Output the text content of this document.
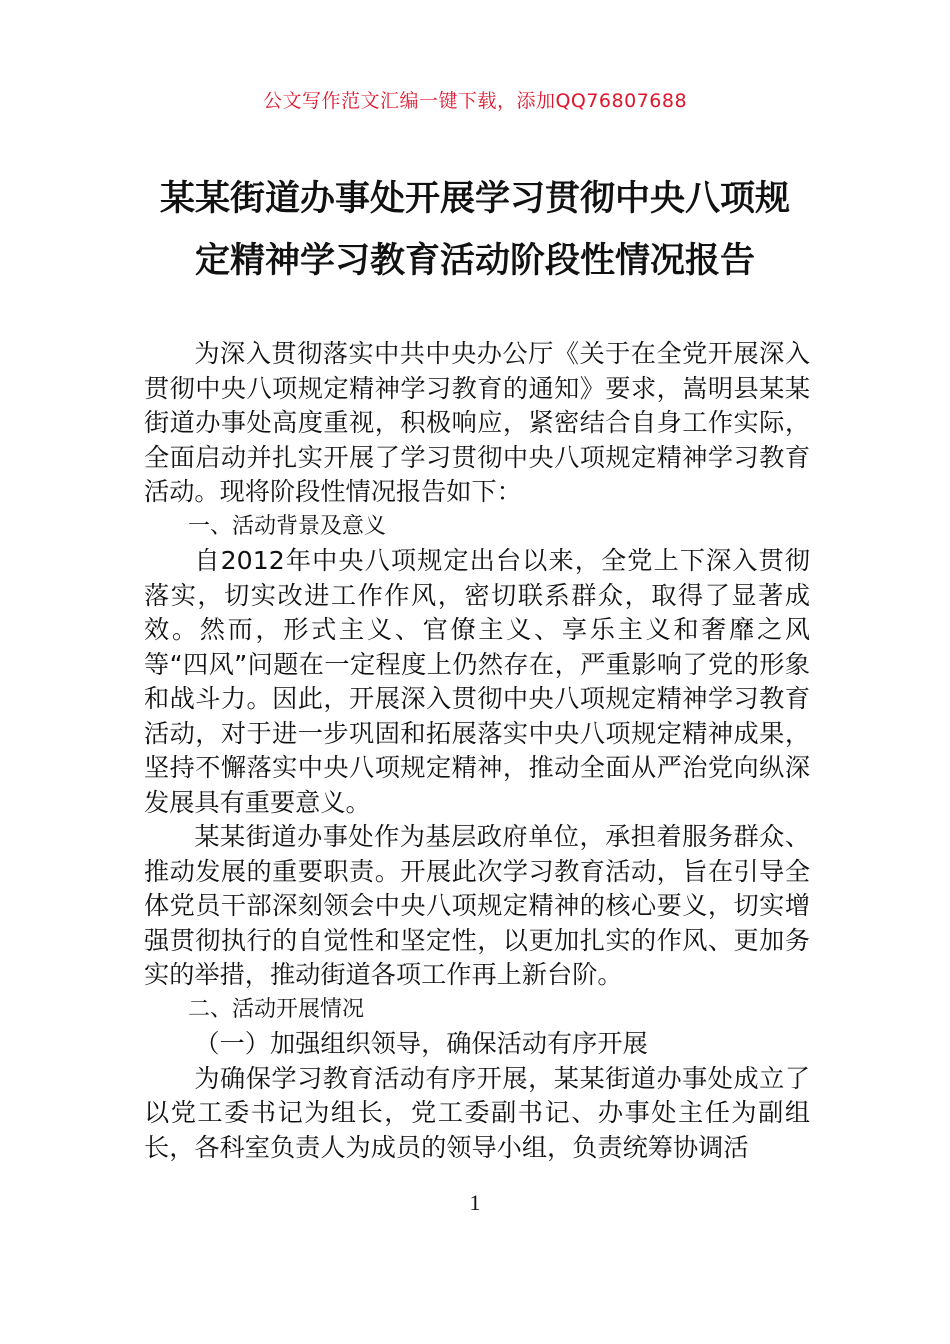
公文写作范文汇编一键下载，添加QQ76807688
某某街道办事处开展学习贯彻中央八项规
定精神学习教育活动阶段性情况报告

为深入贯彻落实中共中央办公厅《关于在全党开展深入贯彻中央八项规定精神学习教育的通知》要求，嵩明县某某街道办事处高度重视，积极响应，紧密结合自身工作实际，全面启动并扎实开展了学习贯彻中央八项规定精神学习教育活动。现将阶段性情况报告如下：

一、活动背景及意义

自2012年中央八项规定出台以来，全党上下深入贯彻落实，切实改进工作作风，密切联系群众，取得了显著成效。然而，形式主义、官僚主义、享乐主义和奢靡之风等“四风”问题在一定程度上仍然存在，严重影响了党的形象和战斗力。因此，开展深入贯彻中央八项规定精神学习教育活动，对于进一步巩固和拓展落实中央八项规定精神成果，坚持不懈落实中央八项规定精神，推动全面从严治党向纵深发展具有重要意义。

某某街道办事处作为基层政府单位，承担着服务群众、推动发展的重要职责。开展此次学习教育活动，旨在引导全体党员干部深刻领会中央八项规定精神的核心要义，切实增强贯彻执行的自觉性和坚定性，以更加扎实的作风、更加务实的举措，推动街道各项工作再上新台阶。

二、活动开展情况

（一）加强组织领导，确保活动有序开展

为确保学习教育活动有序开展，某某街道办事处成立了以党工委书记为组长，党工委副书记、办事处主任为副组长，各科室负责人为成员的领导小组，负责统筹协调活

1
